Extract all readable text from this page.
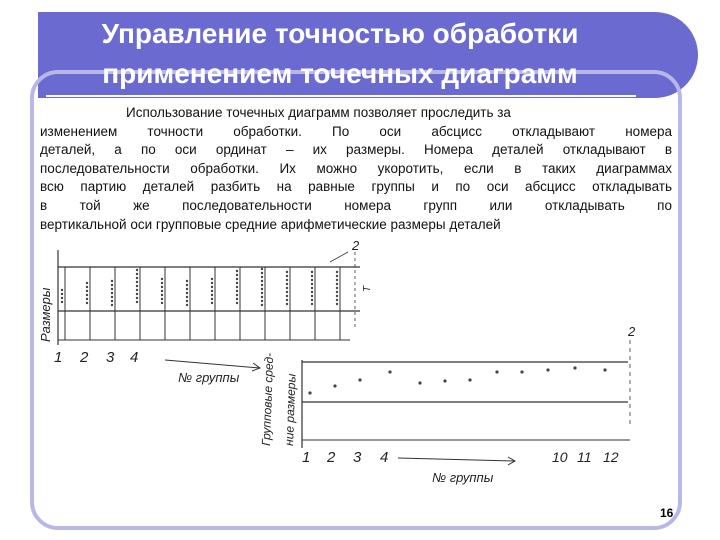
Управление точностью обработки
применением точечных диаграмм
Использование точечных диаграмм позволяет проследить за
изменением точности обработки. По оси абсцисс откладывают номера
деталей, а по оси ординат – их размеры. Номера деталей откладывают в
последовательности обработки. Их можно укоротить, если в таких диаграммах
всю партию деталей разбить на равные группы и по оси абсцисс откладывать
в той же последовательности номера групп или откладывать по
вертикальной оси групповые средние арифметические размеры деталей
Размеры
№ группы
1 2 3 4
2
T
Групповые сред- ние размеры
№ группы
1 2 3 4	10 11 12
2
16
